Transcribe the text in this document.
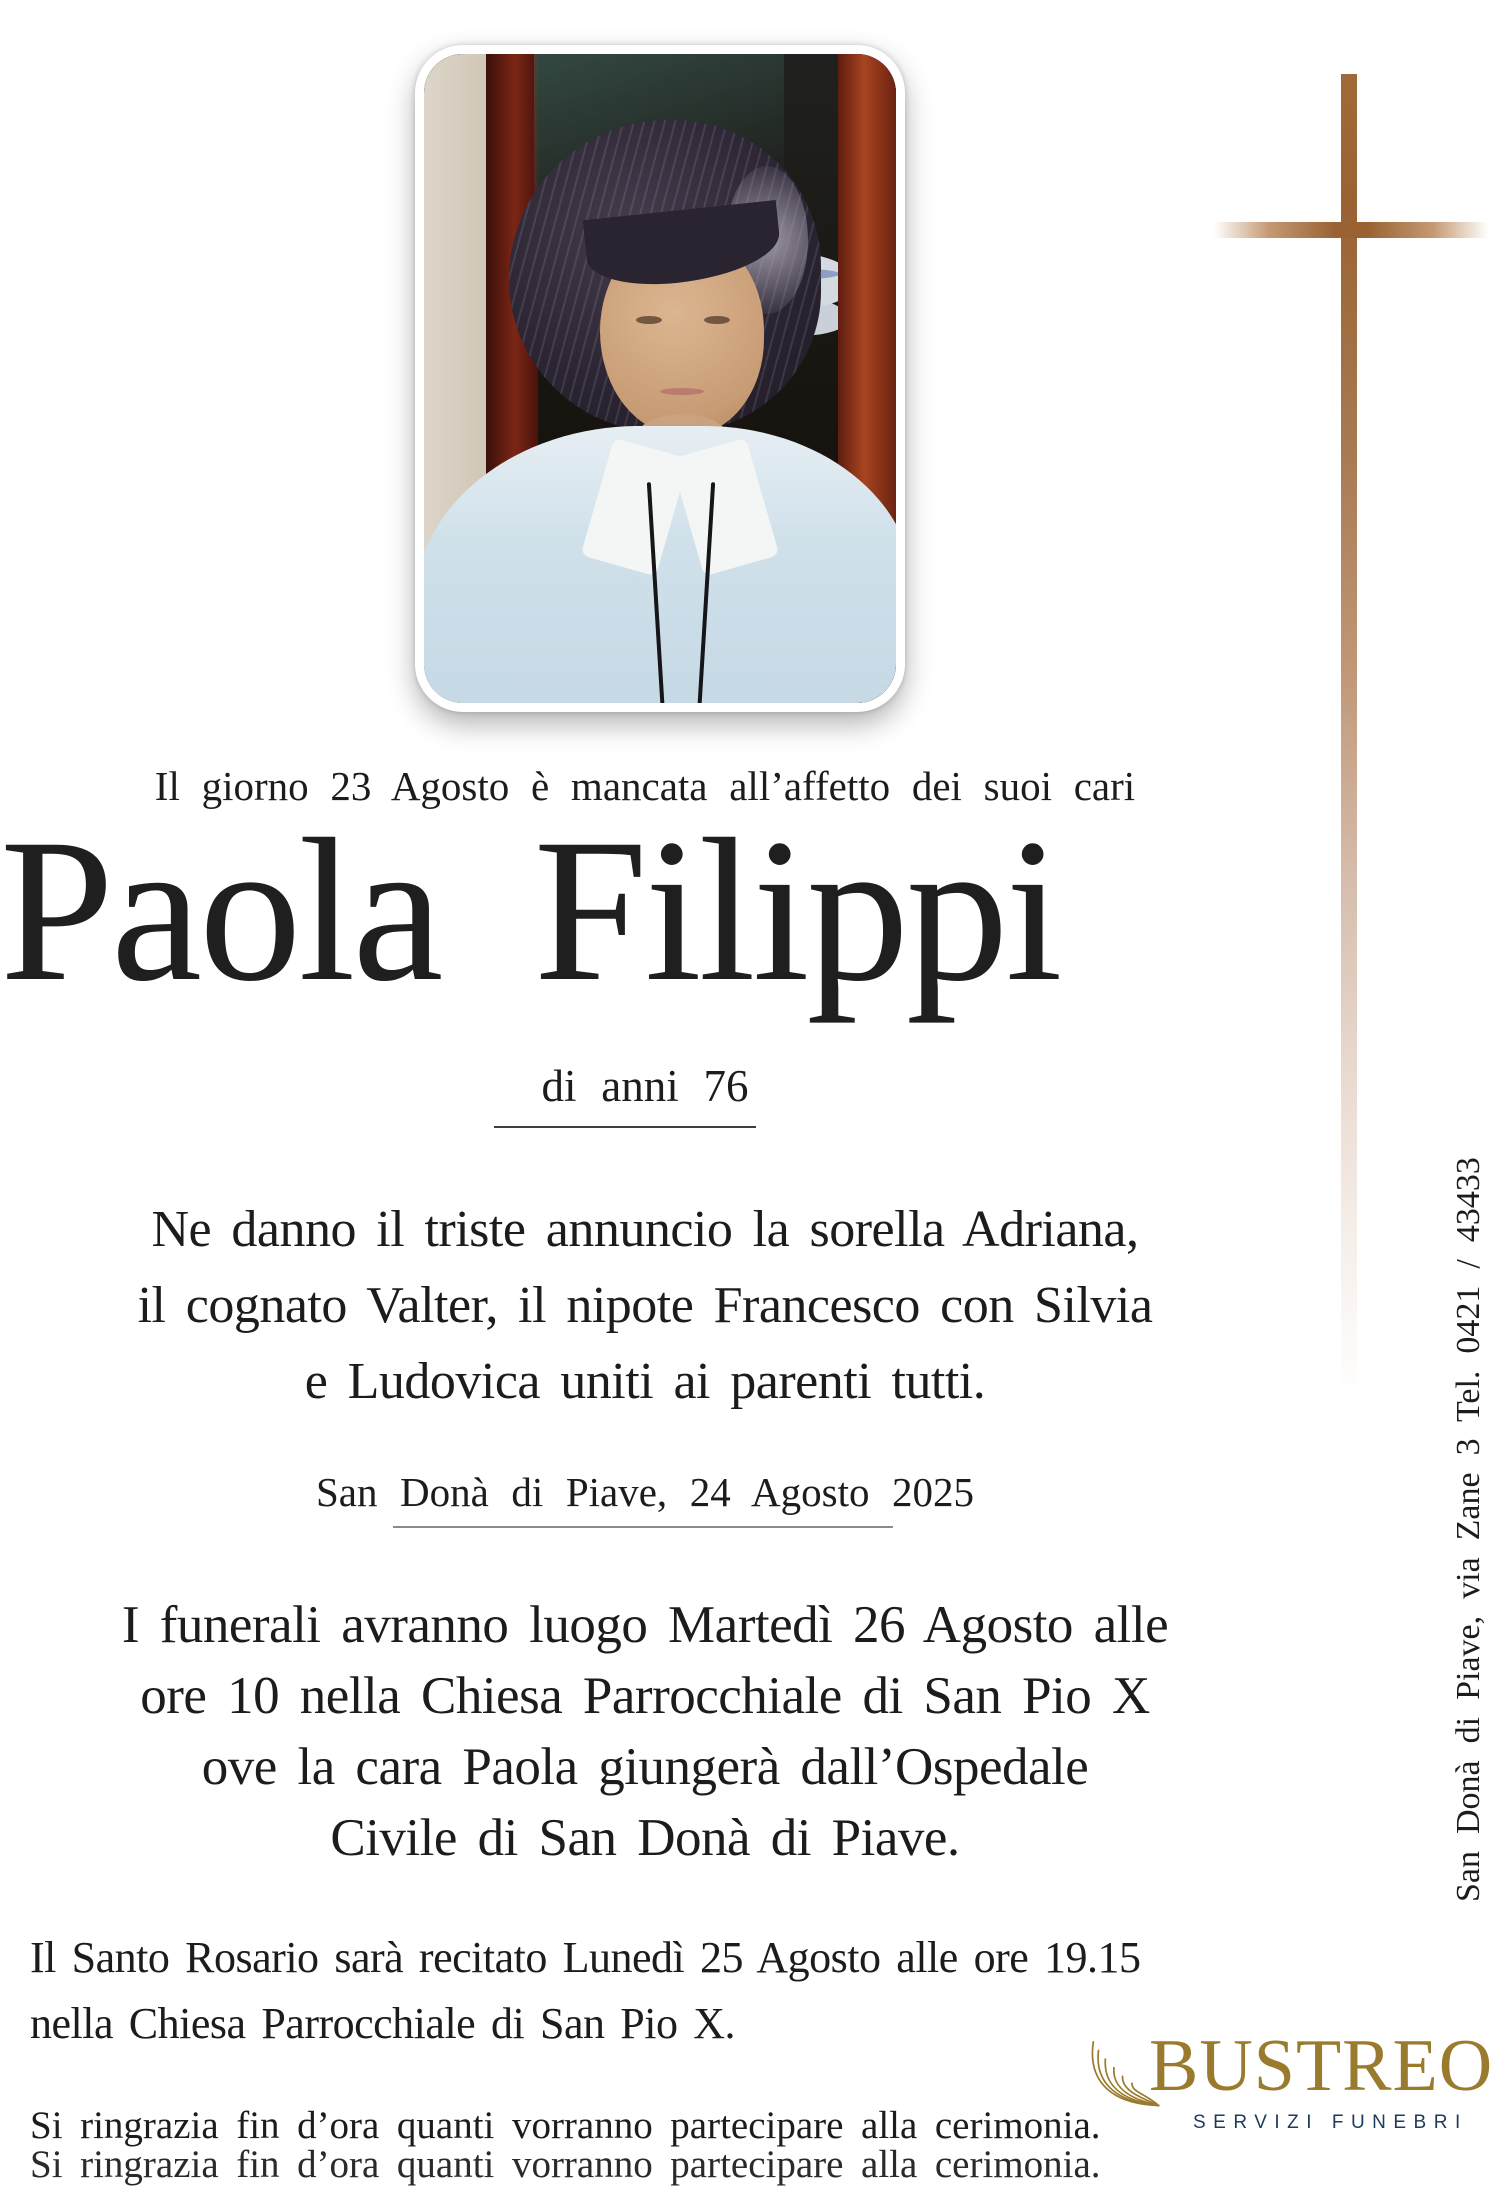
Il giorno 23 Agosto è mancata all’affetto dei suoi cari
Paola Filippi
di anni 76
Ne danno il triste annuncio la sorella Adriana,
il cognato Valter, il nipote Francesco con Silvia
e Ludovica uniti ai parenti tutti.
San Donà di Piave, 24 Agosto 2025
I funerali avranno luogo Martedì 26 Agosto alle
ore 10 nella Chiesa Parrocchiale di San Pio X
ove la cara Paola giungerà dall’Ospedale
Civile di San Donà di Piave.
Il Santo Rosario sarà recitato Lunedì 25 Agosto alle ore 19.15
nella Chiesa Parrocchiale di San Pio X.
Si ringrazia fin d’ora quanti vorranno partecipare alla cerimonia.
Si ringrazia fin d’ora quanti vorranno partecipare alla cerimonia.
San Donà di Piave, via Zane 3 Tel. 0421 / 43433
BUSTREO
SERVIZI FUNEBRI
